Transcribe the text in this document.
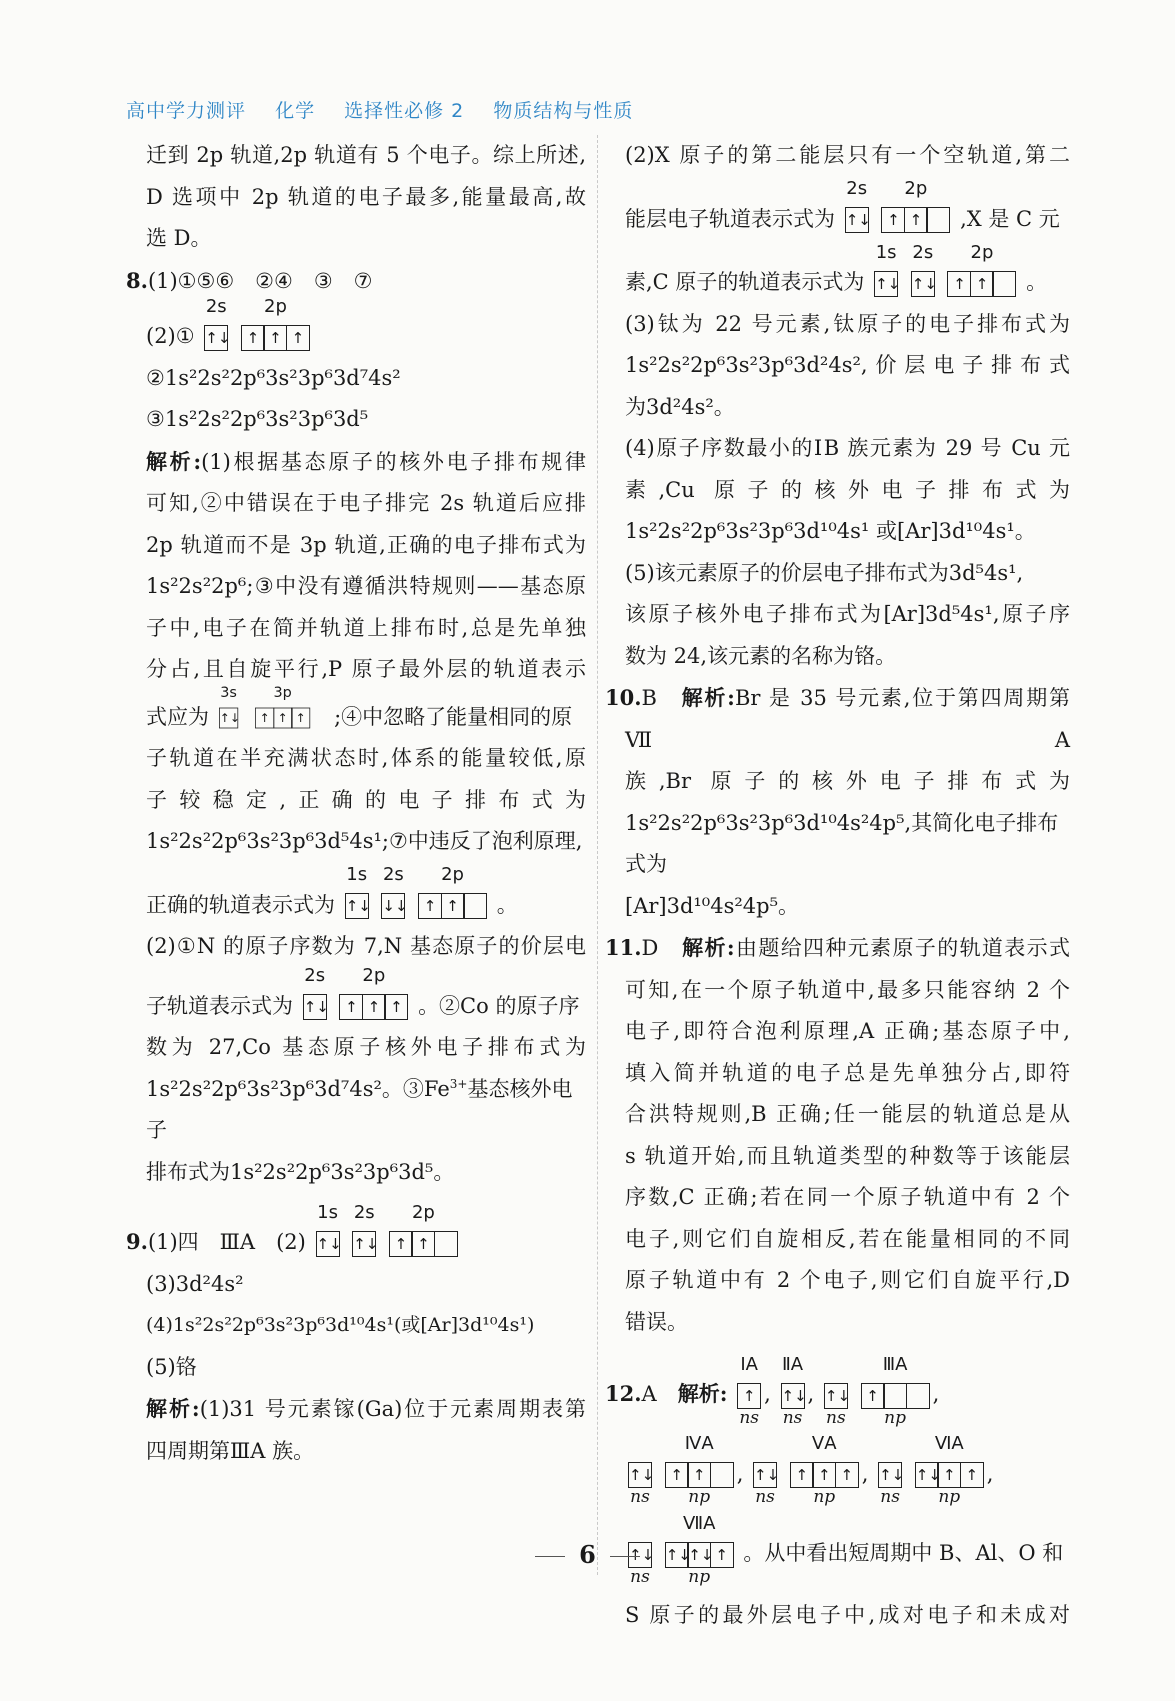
高中学力测评 化学 选择性必修 2 物质结构与性质

迁到 2p 轨道,2p 轨道有 5 个电子。综上所述,

D 选项中 2p 轨道的电子最多,能量最高,故

选 D。

8.(1)①⑤⑥　②④　③　⑦

(2)①
2s
↑↓

2p
↑ ↑ ↑

②1s²2s²2p⁶3s²3p⁶3d⁷4s²

③1s²2s²2p⁶3s²3p⁶3d⁵

解析:(1)根据基态原子的核外电子排布规律

可知,②中错误在于电子排完 2s 轨道后应排

2p 轨道而不是 3p 轨道,正确的电子排布式为

1s²2s²2p⁶;③中没有遵循洪特规则——基态原

子中,电子在简并轨道上排布时,总是先单独

分占,且自旋平行,P 原子最外层的轨道表示

式应为
3s
↑↓

3p
↑ ↑ ↑ ;④中忽略了能量相同的原

子轨道在半充满状态时,体系的能量较低,原

子较稳定,正确的电子排布式为

1s²2s²2p⁶3s²3p⁶3d⁵4s¹;⑦中违反了泡利原理,

正确的轨道表示式为
1s
↑↓

2s
↓↓

2p
↑ ↑ 。

(2)①N 的原子序数为 7,N 基态原子的价层电

子轨道表示式为
2s
↑↓

2p
↑ ↑ ↑ 。②Co 的原子序

数为 27,Co 基态原子核外电子排布式为

1s²2s²2p⁶3s²3p⁶3d⁷4s²。$③Fe^{3+}$基态核外电子

排布式为1s²2s²2p⁶3s²3p⁶3d⁵。

9.(1)四　ⅢA　(2)
1s
↑↓

2s
↑↓

2p
↑ ↑

(3)3d²4s²

(4)1s²2s²2p⁶3s²3p⁶3d¹⁰4s¹(或[Ar]3d¹⁰4s¹)

(5)铬

解析:(1)31 号元素镓(Ga)位于元素周期表第

四周期第ⅢA 族。

(2)X 原子的第二能层只有一个空轨道,第二

能层电子轨道表示式为
2s
↑↓

2p
↑ ↑ ,X 是 C 元

素,C 原子的轨道表示式为
1s
↑↓

2s
↑↓

2p
↑ ↑ 。

(3)钛为 22 号元素,钛原子的电子排布式为

1s²2s²2p⁶3s²3p⁶3d²4s²,价层电子排布式

为3d²4s²。

(4)原子序数最小的ⅠB 族元素为 29 号 Cu 元

素,Cu 原子的核外电子排布式为

1s²2s²2p⁶3s²3p⁶3d¹⁰4s¹ 或[Ar]3d¹⁰4s¹。

(5)该元素原子的价层电子排布式为3d⁵4s¹,

该原子核外电子排布式为[Ar]3d⁵4s¹,原子序

数为 24,该元素的名称为铬。

10.B　 解析:Br 是 35 号元素,位于第四周期第ⅦA

族,Br 原子的核外电子排布式为

1s²2s²2p⁶3s²3p⁶3d¹⁰4s²4p⁵,其简化电子排布式为

[Ar]3d¹⁰4s²4p⁵。

11.D　 解析:由题给四种元素原子的轨道表示式

可知,在一个原子轨道中,最多只能容纳 2 个

电子,即符合泡利原理,A 正确;基态原子中,

填入简并轨道的电子总是先单独分占,即符

合洪特规则,B 正确;任一能层的轨道总是从

s 轨道开始,而且轨道类型的种数等于该能层

序数,C 正确;若在同一个原子轨道中有 2 个

电子,则它们自旋相反,若在能量相同的不同

原子轨道中有 2 个电子,则它们自旋平行,D

错误。

12.A　 解析:
ⅠA
↑
ns
,
ⅡA
↑↓
ns
, ↑↓
ns

ⅢA
↑
np
,

↑↓
ns

ⅣA
↑ ↑
np
, ↑↓
ns

ⅤA
↑ ↑ ↑
np
, ↑↓
ns

ⅥA
↑↓ ↑ ↑
np
,

↑↓
ns

ⅦA
↑↓
↑↓ ↑
np
。从中看出短周期中 B、Al、O 和

S 原子的最外层电子中,成对电子和未成对

6
